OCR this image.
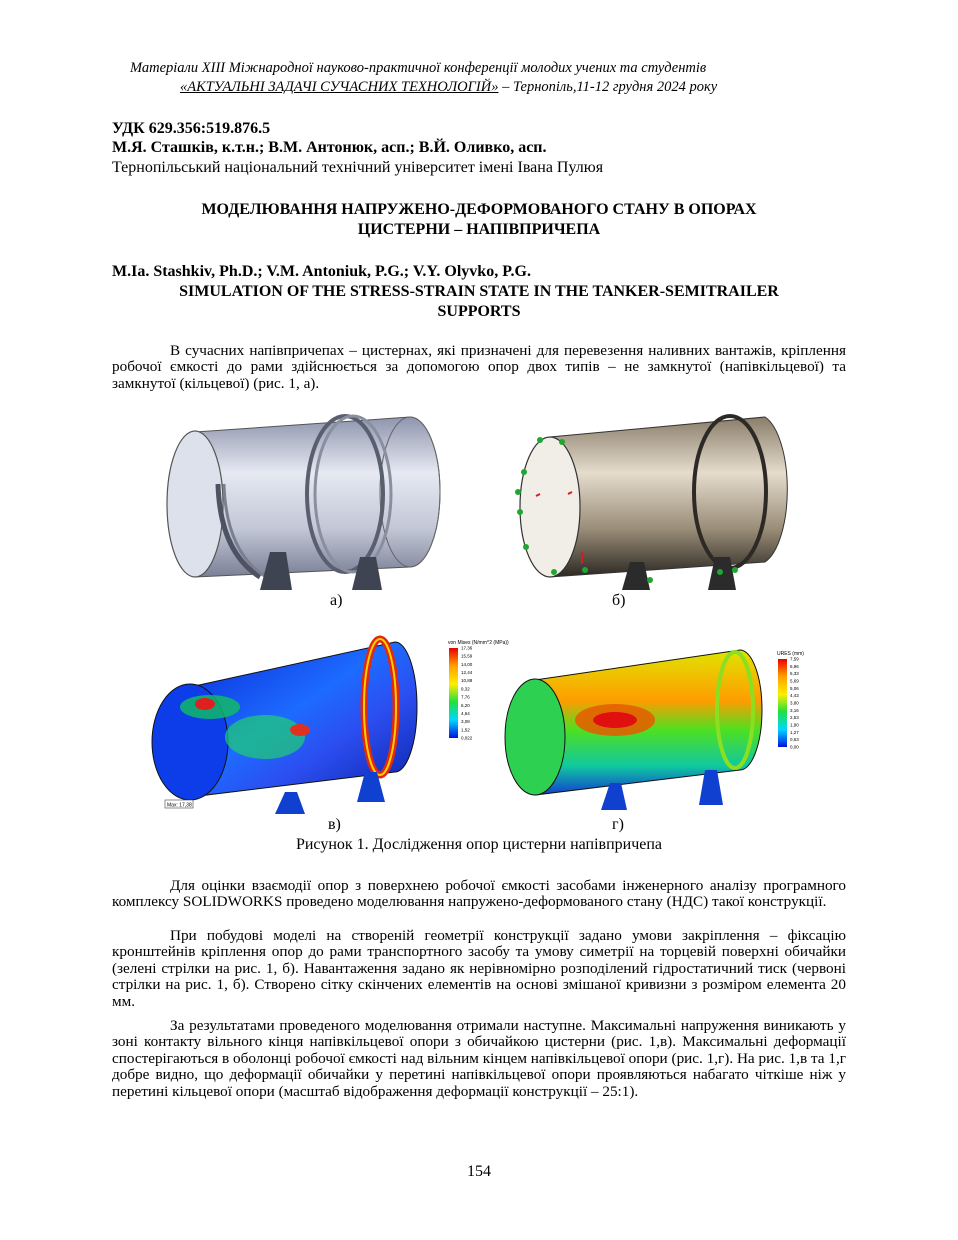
Матеріали XIII Міжнародної науково-практичної конференції молодих учених та студентів
«АКТУАЛЬНІ ЗАДАЧІ СУЧАСНИХ ТЕХНОЛОГІЙ» – Тернопіль,11-12 грудня 2024 року
УДК 629.356:519.876.5
М.Я. Сташків, к.т.н.; В.М. Антонюк, асп.; В.Й. Оливко, асп.
Тернопільський національний технічний університет імені Івана Пулюя
МОДЕЛЮВАННЯ НАПРУЖЕНО-ДЕФОРМОВАНОГО СТАНУ В ОПОРАХ
ЦИСТЕРНИ – НАПІВПРИЧЕПА
M.Ia. Stashkiv, Ph.D.; V.M. Antoniuk, P.G.; V.Y. Olyvko, P.G.
SIMULATION OF THE STRESS-STRAIN STATE IN THE TANKER-SEMITRAILER
SUPPORTS
В сучасних напівпричепах – цистернах, які призначені для перевезення наливних вантажів, кріплення робочої ємкості до рами здійснюється за допомогою опор двох типів – не замкнутої (напівкільцевої) та замкнутої (кільцевої) (рис. 1, а).
а)	б)
Max: 17,38
von Mises (N/mm^2 (MPa))
17,36
15,59
14,00
12,44
10,88
9,32
7,76
6,20
4,64
3,08
1,52
0,022
в)
URES (mm)
7,59
6,96
6,33
5,69
5,06
4,43
3,80
3,16
2,53
1,90
1,27
0,63
0,00
г)
Рисунок 1. Дослідження опор цистерни напівпричепа
Для оцінки взаємодії опор з поверхнею робочої ємкості засобами інженерного аналізу програмного комплексу SOLIDWORKS проведено моделювання напружено-деформованого стану (НДС) такої конструкції.
При побудові моделі на створеній геометрії конструкції задано умови закріплення – фіксацію кронштейнів кріплення опор до рами транспортного засобу та умову симетрії на торцевій поверхні обичайки (зелені стрілки на рис. 1, б). Навантаження задано як нерівномірно розподілений гідростатичний тиск (червоні стрілки на рис. 1, б). Створено сітку скінчених елементів на основі змішаної кривизни з розміром елемента 20 мм.
За результатами проведеного моделювання отримали наступне. Максимальні напруження виникають у зоні контакту вільного кінця напівкільцевої опори з обичайкою цистерни (рис. 1,в). Максимальні деформації спостерігаються в оболонці робочої ємкості над вільним кінцем напівкільцевої опори (рис. 1,г). На рис. 1,в та 1,г добре видно, що деформації обичайки у перетині напівкільцевої опори проявляються набагато чіткіше ніж у перетині кільцевої опори (масштаб відображення деформації конструкції – 25:1).
154
